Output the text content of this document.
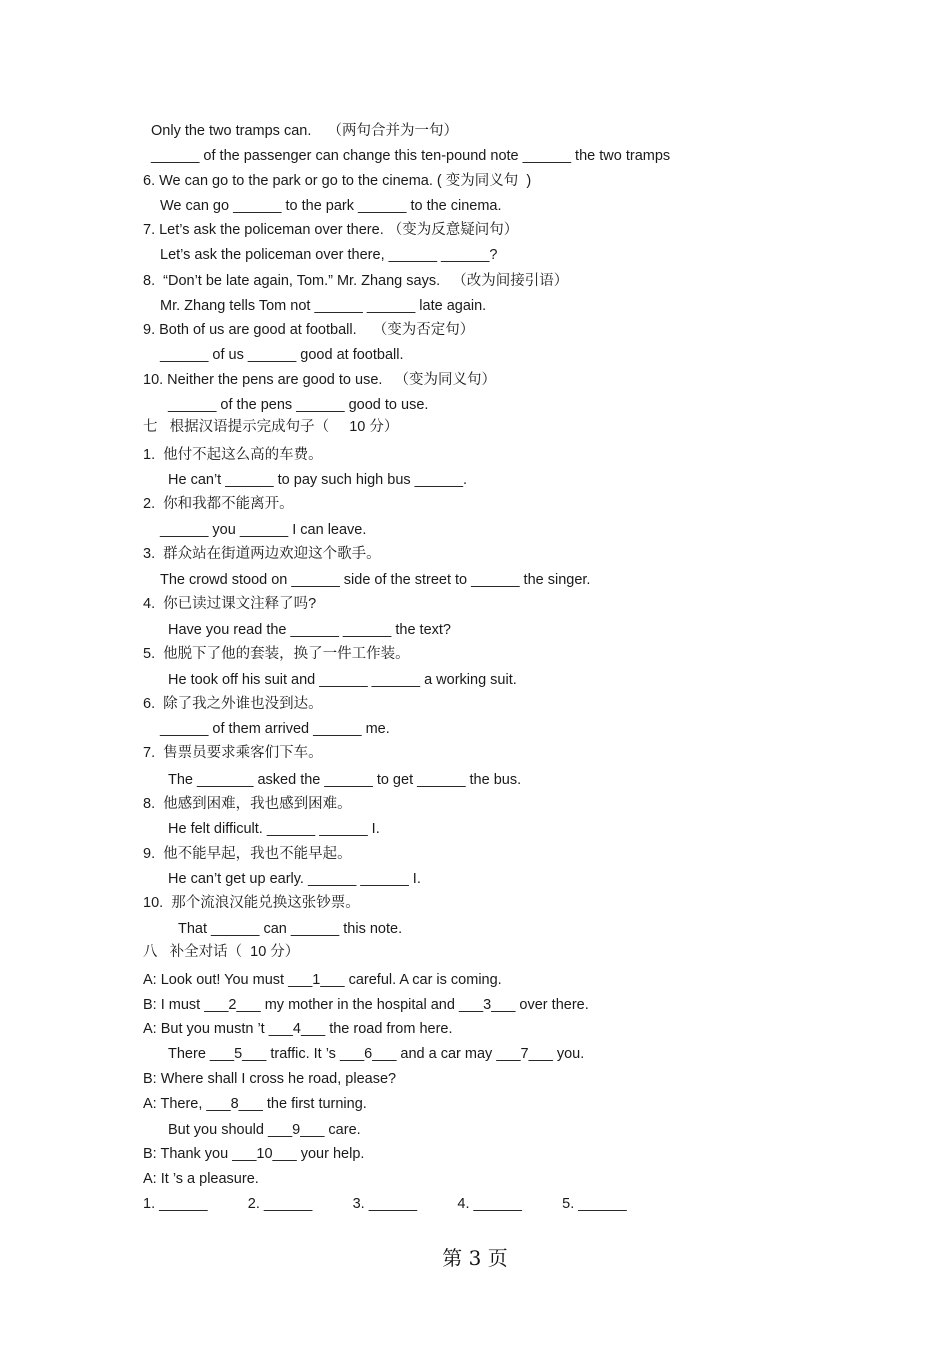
Only the two tramps can.    （两句合并为一句）
______ of the passenger can change this ten-pound note ______ the two tramps
6. We can go to the park or go to the cinema. ( 变为同义句  )
We can go ______ to the park ______ to the cinema.
7. Let’s ask the policeman over there. （变为反意疑问句）
Let’s ask the policeman over there, ______ ______?
8.  “Don’t be late again, Tom.” Mr. Zhang says.   （改为间接引语）
Mr. Zhang tells Tom not ______ ______ late again.
9. Both of us are good at football.    （变为否定句）
______ of us ______ good at football.
10. Neither the pens are good to use.   （变为同义句）
______ of the pens ______ good to use.
七   根据汉语提示完成句子（     10 分）
1.  他付不起这么高的车费。
He can’t ______ to pay such high bus ______.
2.  你和我都不能离开。
______ you ______ I can leave.
3.  群众站在街道两边欢迎这个歌手。
The crowd stood on ______ side of the street to ______ the singer.
4.  你已读过课文注释了吗?
Have you read the ______ ______ the text?
5.  他脱下了他的套装，换了一件工作装。
He took off his suit and ______ ______ a working suit.
6.  除了我之外谁也没到达。
______ of them arrived ______ me.
7.  售票员要求乘客们下车。
The _______ asked the ______ to get ______ the bus.
8.  他感到困难，我也感到困难。
He felt difficult. ______ ______ I.
9.  他不能早起，我也不能早起。
He can’t get up early. ______ ______ I.
10.  那个流浪汉能兑换这张钞票。
That ______ can ______ this note.
八   补全对话（  10 分）
A: Look out! You must ___1___ careful. A car is coming.
B: I must ___2___ my mother in the hospital and ___3___ over there.
A: But you mustn ’t ___4___ the road from here.
There ___5___ traffic. It ’s ___6___ and a car may ___7___ you.
B: Where shall I cross he road, please?
A: There, ___8___ the first turning.
But you should ___9___ care.
B: Thank you ___10___ your help.
A: It ’s a pleasure.
1. ______          2. ______          3. ______          4. ______          5. ______
第 3 页
